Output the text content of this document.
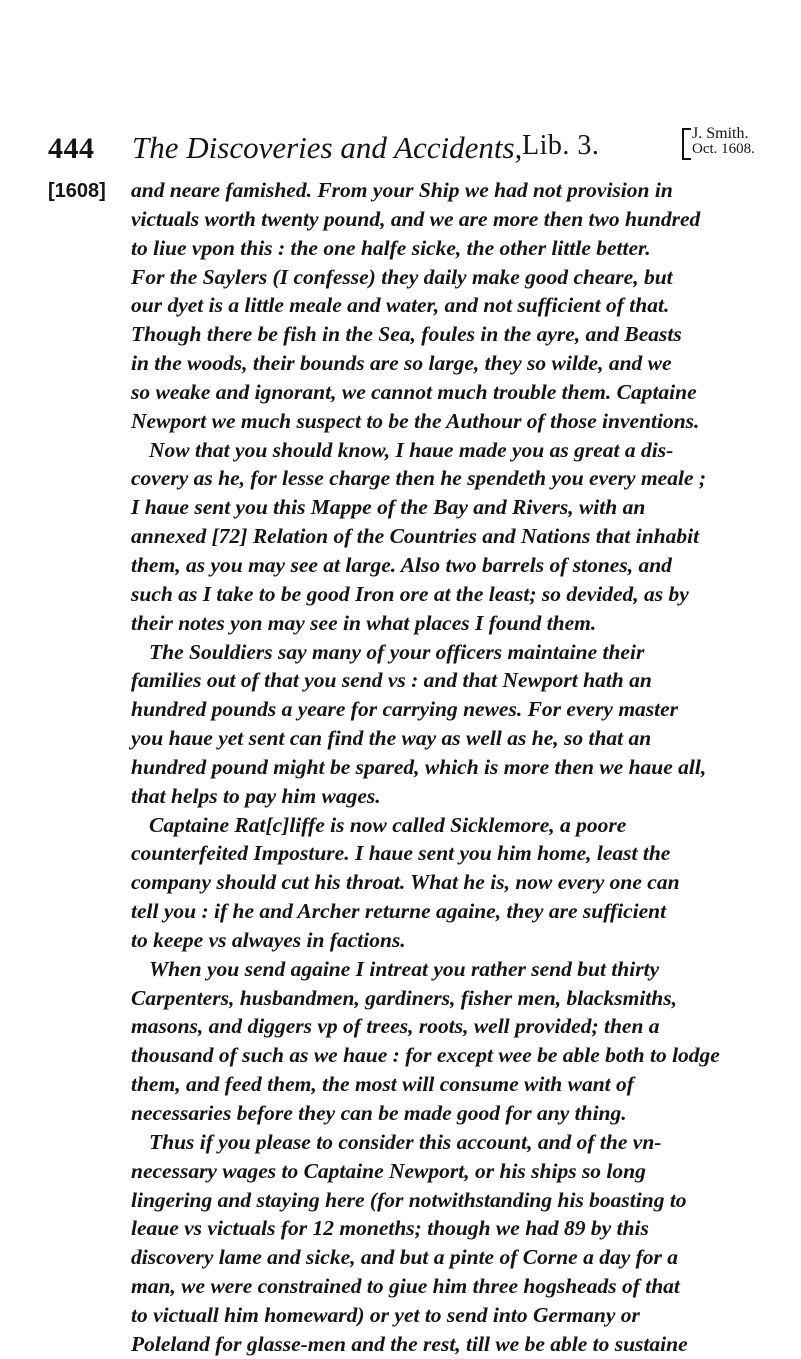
444 The Discoveries and Accidents, Lib. 3.	J. Smith.
Oct. 1608.
[1608] and neare famished. From your Ship we had not provision in
victuals worth twenty pound, and we are more then two hundred
to liue vpon this : the one halfe sicke, the other little better.
For the Saylers (I confesse) they daily make good cheare, but
our dyet is a little meale and water, and not sufficient of that.
Though there be fish in the Sea, foules in the ayre, and Beasts
in the woods, their bounds are so large, they so wilde, and we
so weake and ignorant, we cannot much trouble them. Captaine
Newport we much suspect to be the Authour of those inventions.
Now that you should know, I haue made you as great a dis-
covery as he, for lesse charge then he spendeth you every meale ;
I haue sent you this Mappe of the Bay and Rivers, with an
annexed [72] Relation of the Countries and Nations that inhabit
them, as you may see at large. Also two barrels of stones, and
such as I take to be good Iron ore at the least; so devided, as by
their notes yon may see in what places I found them.
The Souldiers say many of your officers maintaine their
families out of that you send vs : and that Newport hath an
hundred pounds a yeare for carrying newes. For every master
you haue yet sent can find the way as well as he, so that an
hundred pound might be spared, which is more then we haue all,
that helps to pay him wages.
Captaine Rat[c]liffe is now called Sicklemore, a poore
counterfeited Imposture. I haue sent you him home, least the
company should cut his throat. What he is, now every one can
tell you : if he and Archer returne againe, they are sufficient
to keepe vs alwayes in factions.
When you send againe I intreat you rather send but thirty
Carpenters, husbandmen, gardiners, fisher men, blacksmiths,
masons, and diggers vp of trees, roots, well provided; then a
thousand of such as we haue : for except wee be able both to lodge
them, and feed them, the most will consume with want of
necessaries before they can be made good for any thing.
Thus if you please to consider this account, and of the vn-
necessary wages to Captaine Newport, or his ships so long
lingering and staying here (for notwithstanding his boasting to
leaue vs victuals for 12 moneths; though we had 89 by this
discovery lame and sicke, and but a pinte of Corne a day for a
man, we were constrained to giue him three hogsheads of that
to victuall him homeward) or yet to send into Germany or
Poleland for glasse-men and the rest, till we be able to sustaine
